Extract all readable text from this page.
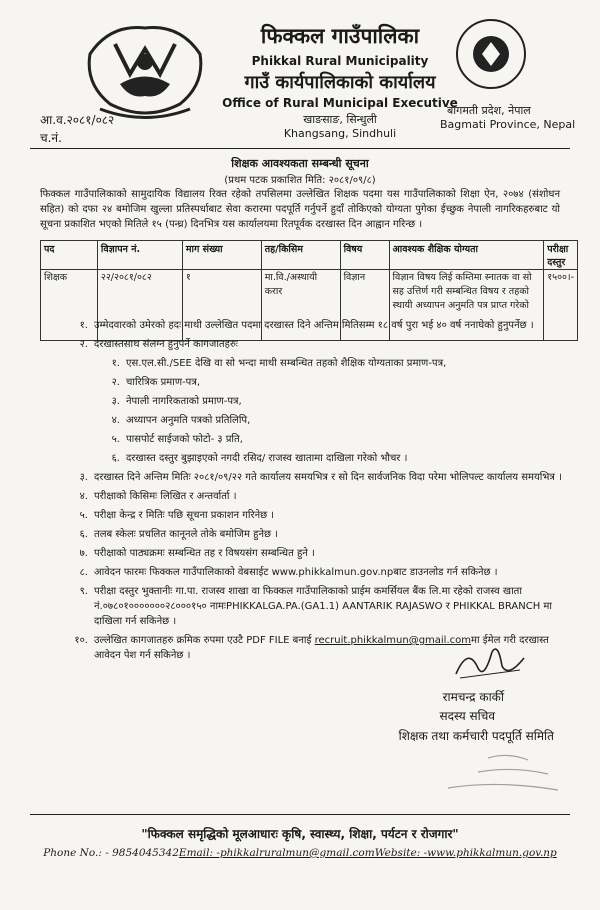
फिक्कल गाउँपालिका
Phikkal Rural Municipality
गाउँ कार्यपालिकाको कार्यालय
Office of Rural Municipal Executive
खाङसाङ, सिन्धुली
Khangsang, Sindhuli
आ.व.२०८१/०८२
च.नं.
बागमती प्रदेश, नेपाल
Bagmati Province, Nepal
शिक्षक आवश्यकता सम्बन्धी सूचना
(प्रथम पटक प्रकाशित मिति: २०८१/०९/८)
फिक्कल गाउँपालिकाको सामुदायिक विद्यालय रिक्त रहेको तपसिलमा उल्लेखित शिक्षक पदमा यस गाउँपालिकाको शिक्षा ऐन, २०७४ (संशोधन सहित) को दफा २४ बमोजिम खुल्ला प्रतिस्पर्धाबाट सेवा करारमा पदपूर्ति गर्नुपर्ने हुदाँ तोकिएको योग्यता पुगेका ईच्छुक नेपाली नागरिकहरुबाट यो सूचना प्रकाशित भएको मितिले १५ (पन्ध्र) दिनभित्र यस कार्यालयमा रितपूर्वक दरखास्त दिन आह्वान गरिन्छ ।
पद	विज्ञापन नं.	माग संख्या	तह/किसिम	विषय	आवश्यक शैक्षिक योग्यता	परीक्षा दस्तुर
शिक्षक	२२/२०८१/०८२	१	मा.वि./अस्थायी करार	विज्ञान	विज्ञान विषय लिई कम्तिमा स्नातक वा सो सह उत्तिर्ण गरी सम्बन्धित विषय र तहको स्थायी अध्यापन अनुमति पत्र प्राप्त गरेको	१५००।-
१. उम्मेदवारको उमेरको हदः माथी उल्लेखित पदमा दरखास्त दिने अन्तिम मितिसम्म १८ वर्ष पुरा भई ४० वर्ष ननाघेको हुनुपर्नेछ ।
२. दरखास्तसाथ संलग्न हुनुपर्ने कागजातहरुः
१. एस.एल.सी./SEE देखि वा सो भन्दा माथी सम्बन्धित तहको शैक्षिक योग्यताका प्रमाण-पत्र,
२. चारित्रिक प्रमाण-पत्र,
३. नेपाली नागरिकताको प्रमाण-पत्र,
४. अध्यापन अनुमति पत्रको प्रतिलिपि,
५. पासपोर्ट साईजको फोटो- ३ प्रति,
६. दरखास्त दस्तुर बुझाइएको नगदी रसिद/ राजस्व खातामा दाखिला गरेको भौचर ।
३. दरखास्त दिने अन्तिम मितिः २०८१/०९/२२ गते कार्यालय समयभित्र र सो दिन सार्वजनिक विदा परेमा भोलिपल्ट कार्यालय समयभित्र ।
४. परीक्षाको किसिमः लिखित र अन्तर्वार्ता ।
५. परीक्षा केन्द्र र मितिः पछि सूचना प्रकाशन गरिनेछ ।
६. तलब स्केलः प्रचलित कानूनले तोके बमोजिम हुनेछ ।
७. परीक्षाको पाठ्यक्रमः सम्बन्धित तह र विषयसंग सम्बन्धित हुने ।
८. आवेदन फारमः फिक्कल गाउँपालिकाको वेबसाईट www.phikkalmun.gov.npबाट डाउनलोड गर्न सकिनेछ ।
९. परीक्षा दस्तुर भुक्तानीः गा.पा. राजस्व शाखा वा फिक्कल गाउँपालिकाको प्राईम कमर्सियल बैंक लि.मा रहेको राजस्व खाता नं.०७८०१०००००००२८०००१५० नामःPHIKKALGA.PA.(GA1.1) AANTARIK RAJASWO र PHIKKAL BRANCH मा दाखिला गर्न सकिनेछ ।
१०. उल्लेखित कागजातहरु क्रमिक रुपमा एउटै PDF FILE बनाई recruit.phikkalmun@gmail.comमा ईमेल गरी दरखास्त आवेदन पेश गर्न सकिनेछ ।
रामचन्द्र कार्की
सदस्य सचिव
शिक्षक तथा कर्मचारी पदपूर्ति समिति
"फिक्कल समृद्धिको मूलआधारः कृषि, स्वास्थ्य, शिक्षा, पर्यटन र रोजगार"
Phone No.: - 9854045342Email: -phikkalruralmun@gmail.comWebsite: -www.phikkalmun.gov.np
